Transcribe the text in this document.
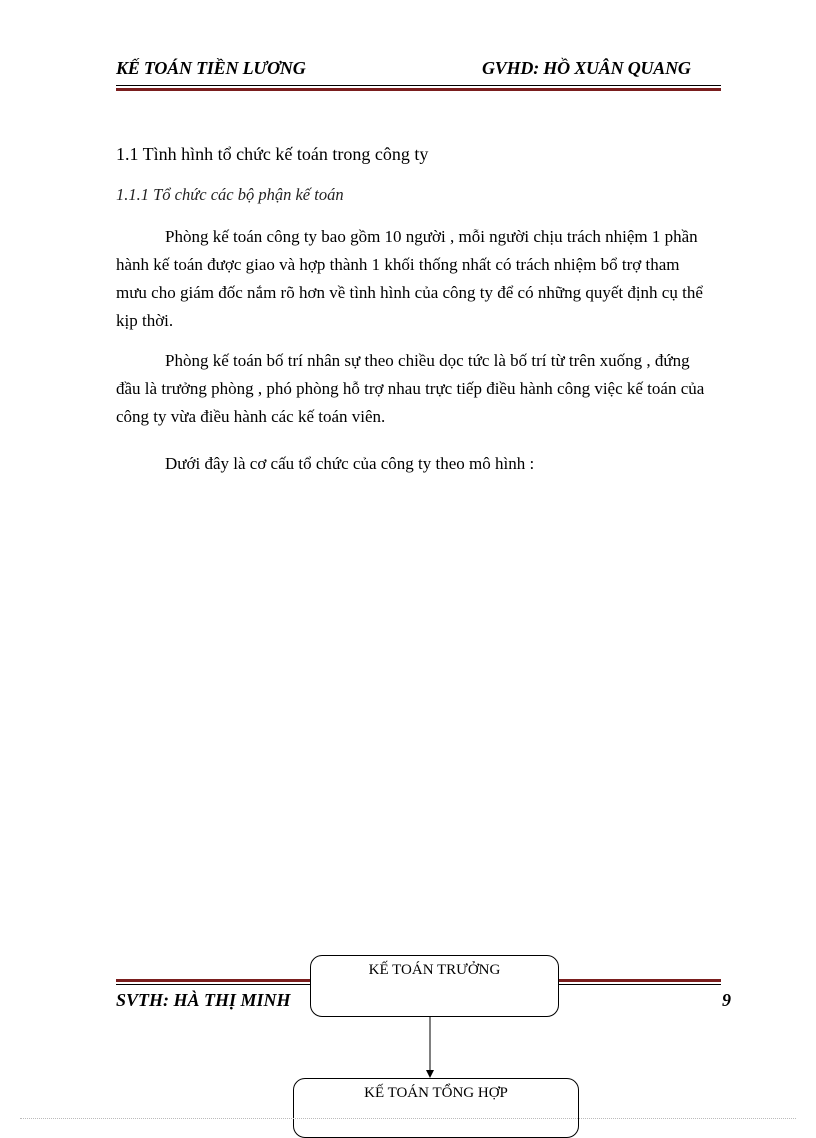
KẾ TOÁN TIỀN LƯƠNG	GVHD: HỒ XUÂN QUANG
1.1 Tình hình tổ chức kế toán trong công ty
1.1.1 Tổ chức các bộ phận kế toán

Phòng kế toán công ty bao gồm 10 người , mỗi người chịu trách nhiệm 1 phần hành kế toán được giao và hợp thành 1 khối thống nhất có trách nhiệm bổ trợ tham mưu cho giám đốc nắm rõ hơn về tình hình của công ty để có những quyết định cụ thể kịp thời.

Phòng kế toán bố trí nhân sự theo chiều dọc tức là bố trí từ trên xuống , đứng đầu là trưởng phòng , phó phòng hỗ trợ nhau trực tiếp điều hành công việc kế toán của công ty vừa điều hành các kế toán viên.

Dưới đây là cơ cấu tổ chức của công ty theo mô hình :

SVTH: HÀ THỊ MINH	9
KẾ TOÁN TRƯỞNG
KẾ TOÁN TỔNG HỢP
